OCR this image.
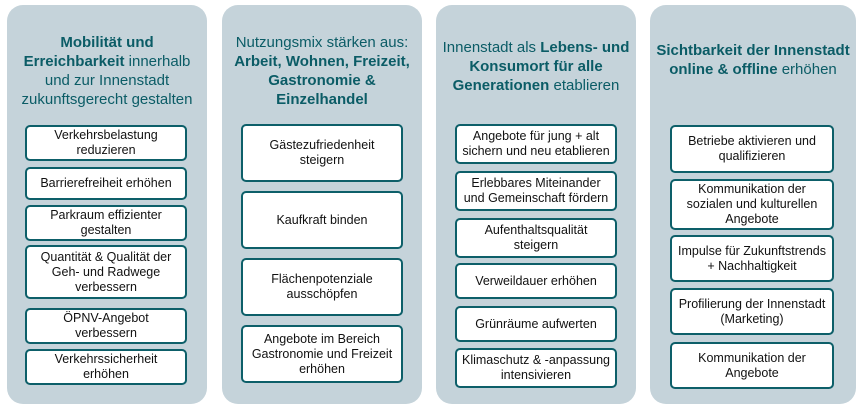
Mobilität und Erreichbarkeit innerhalb und zur Innenstadt zukunftsgerecht gestalten
Verkehrsbelastung reduzieren
Barrierefreiheit erhöhen
Parkraum effizienter gestalten
Quantität & Qualität der Geh- und Radwege verbessern
ÖPNV-Angebot verbessern
Verkehrssicherheit erhöhen
Nutzungsmix stärken aus: Arbeit, Wohnen, Freizeit, Gastronomie & Einzelhandel
Gästezufriedenheit steigern
Kaufkraft binden
Flächenpotenziale ausschöpfen
Angebote im Bereich Gastronomie und Freizeit erhöhen
Innenstadt als Lebens- und Konsumort für alle Generationen etablieren
Angebote für jung + alt sichern und neu etablieren
Erlebbares Miteinander und Gemeinschaft fördern
Aufenthaltsqualität steigern
Verweildauer erhöhen
Grünräume aufwerten
Klimaschutz & -anpassung intensivieren
Sichtbarkeit der Innenstadt online & offline erhöhen
Betriebe aktivieren und qualifizieren
Kommunikation der sozialen und kulturellen Angebote
Impulse für Zukunftstrends + Nachhaltigkeit
Profilierung der Innenstadt (Marketing)
Kommunikation der Angebote
